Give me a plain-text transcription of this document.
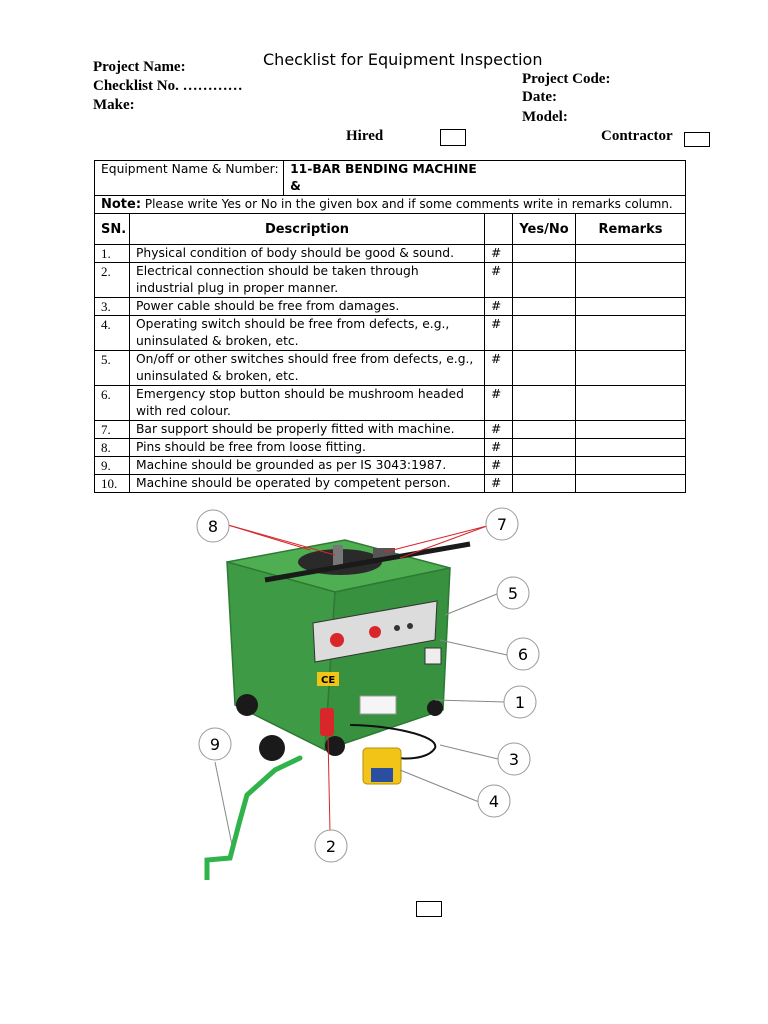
Checklist for Equipment Inspection
Project Name:
Checklist No. …………
Make:
Project Code:
Date:
Model:
Hired	Contractor
Equipment Name & Number: 11-BAR BENDING MACHINE &				

Note: Please write Yes or No in the given box and if some comments write in remarks column.				
SN.	Description		Yes/No	Remarks
1.	Physical condition of body should be good & sound.	#		
2.	Electrical connection should be taken through industrial plug in proper manner.	#		
3.	Power cable should be free from damages.	#		
4.	Operating switch should be free from defects, e.g., uninsulated & broken, etc.	#		
5.	On/off or other switches should free from defects, e.g., uninsulated & broken, etc.	#		
6.	Emergency stop button should be mushroom headed with red colour.	#		
7.	Bar support should be properly fitted with machine.	#		
8.	Pins should be free from loose fitting.	#		
9.	Machine should be grounded as per IS 3043:1987.	#		
10.	Machine should be operated by competent person.	#		
CE
8	7
5
6
1
9
3
4
2
